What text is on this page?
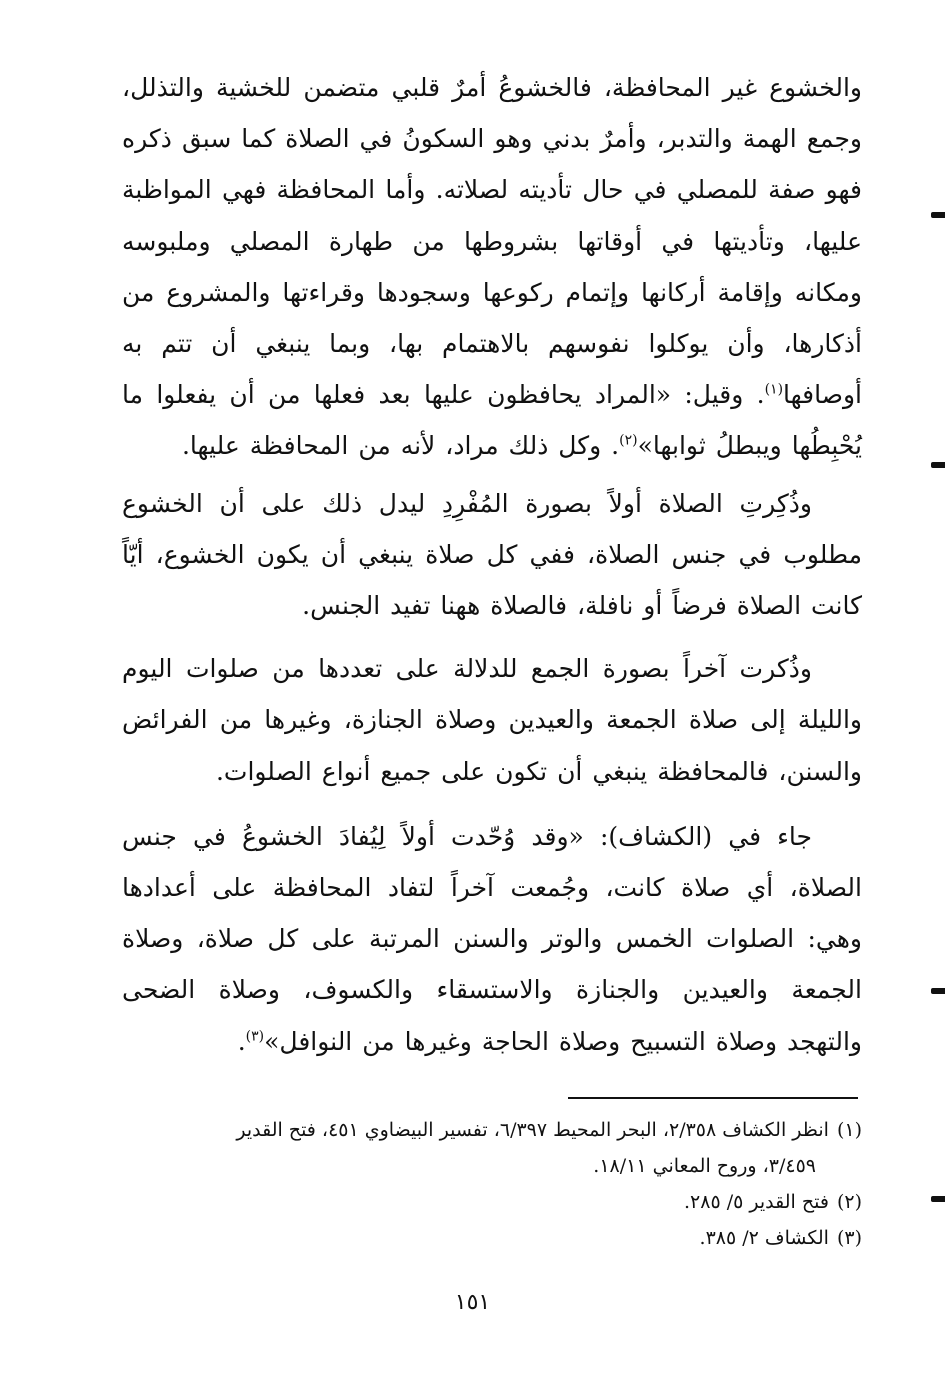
والخشوع غير المحافظة، فالخشوعُ أمرٌ قلبي متضمن للخشية والتذلل، وجمع الهمة والتدبر، وأمرٌ بدني وهو السكونُ في الصلاة كما سبق ذكره فهو صفة للمصلي في حال تأديته لصلاته. وأما المحافظة فهي المواظبة عليها، وتأديتها في أوقاتها بشروطها من طهارة المصلي وملبوسه ومكانه وإقامة أركانها وإتمام ركوعها وسجودها وقراءتها والمشروع من أذكارها، وأن يوكلوا نفوسهم بالاهتمام بها، وبما ينبغي أن تتم به أوصافها$^{(١)}$. وقيل: «المراد يحافظون عليها بعد فعلها من أن يفعلوا ما يُحْبِطُها ويبطلُ ثوابها»$^{(٢)}$. وكل ذلك مراد، لأنه من المحافظة عليها.

وذُكِرتِ الصلاة أولاً بصورة المُفْرِدِ ليدل ذلك على أن الخشوع مطلوب في جنس الصلاة، ففي كل صلاة ينبغي أن يكون الخشوع، أيّاً كانت الصلاة فرضاً أو نافلة، فالصلاة ههنا تفيد الجنس.

وذُكرت آخراً بصورة الجمع للدلالة على تعددها من صلوات اليوم والليلة إلى صلاة الجمعة والعيدين وصلاة الجنازة، وغيرها من الفرائض والسنن، فالمحافظة ينبغي أن تكون على جميع أنواع الصلوات.

جاء في (الكشاف): «وقد وُحّدت أولاً لِيُفادَ الخشوعُ في جنس الصلاة، أي صلاة كانت، وجُمعت آخراً لتفاد المحافظة على أعدادها وهي: الصلوات الخمس والوتر والسنن المرتبة على كل صلاة، وصلاة الجمعة والعيدين والجنازة والاستسقاء والكسوف، وصلاة الضحى والتهجد وصلاة التسبيح وصلاة الحاجة وغيرها من النوافل»$^{(٣)}$.

(١)انظر الكشاف ٢/٣٥٨، البحر المحيط ٦/٣٩٧، تفسير البيضاوي ٤٥١، فتح القدير

٣/٤٥٩، وروح المعاني ١٨/١١.

(٢)فتح القدير ٥/ ٢٨٥.

(٣)الكشاف ٢/ ٣٨٥.

١٥١
